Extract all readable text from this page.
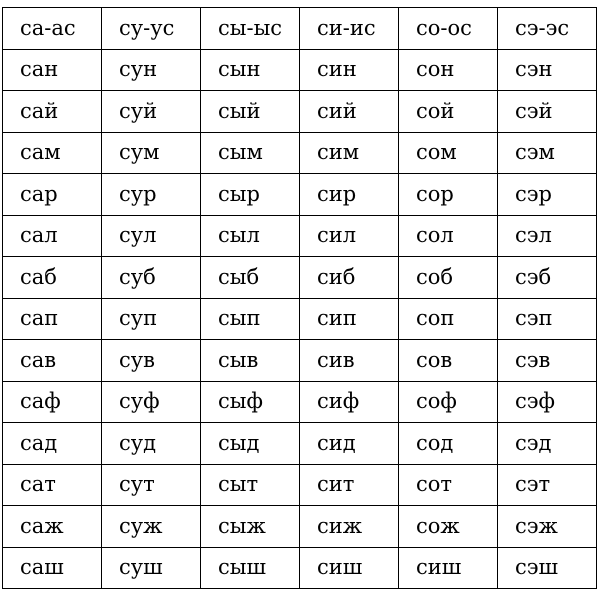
са-ас	су-ус	сы-ыс	си-ис	со-ос	сэ-эс
сан	сун	сын	син	сон	сэн
сай	суй	сый	сий	сой	сэй
сам	сум	сым	сим	сом	сэм
сар	сур	сыр	сир	сор	сэр
сал	сул	сыл	сил	сол	сэл
саб	суб	сыб	сиб	соб	сэб
сап	суп	сып	сип	соп	сэп
сав	сув	сыв	сив	сов	сэв
саф	суф	сыф	сиф	соф	сэф
сад	суд	сыд	сид	сод	сэд
сат	сут	сыт	сит	сот	сэт
саж	суж	сыж	сиж	сож	сэж
саш	суш	сыш	сиш	сиш	сэш
